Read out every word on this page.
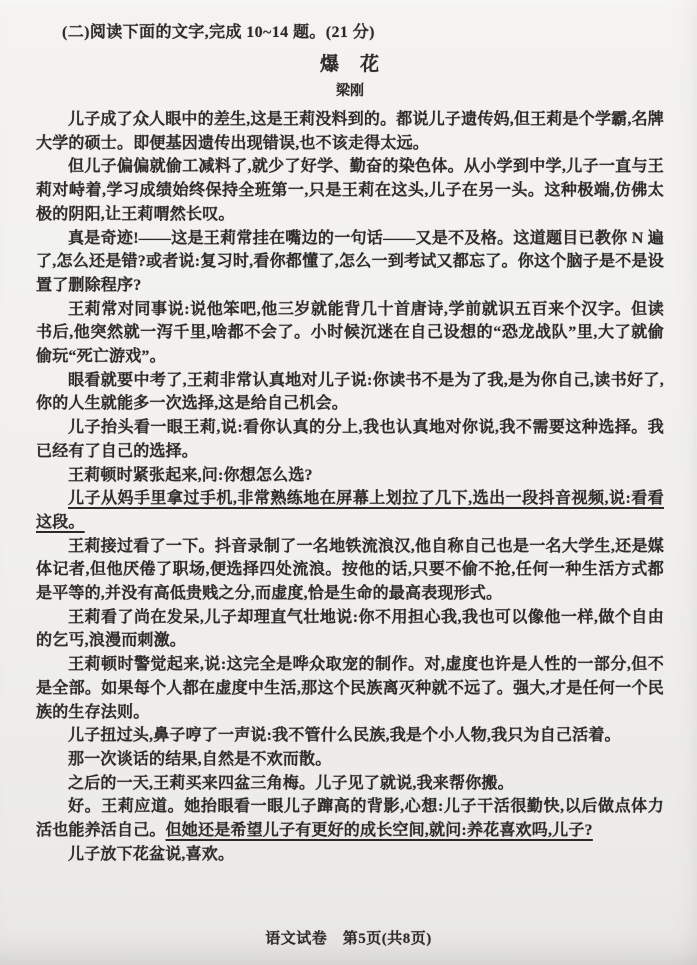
(二)阅读下面的文字,完成 10~14 题。(21 分)
爆　花
梁刚

儿子成了众人眼中的差生,这是王莉没料到的。都说儿子遗传妈,但王莉是个学霸,名牌大学的硕士。即便基因遗传出现错误,也不该走得太远。

但儿子偏偏就偷工减料了,就少了好学、勤奋的染色体。从小学到中学,儿子一直与王莉对峙着,学习成绩始终保持全班第一,只是王莉在这头,儿子在另一头。这种极端,仿佛太极的阴阳,让王莉喟然长叹。

真是奇迹!——这是王莉常挂在嘴边的一句话——又是不及格。这道题目已教你 N 遍了,怎么还是错?或者说:复习时,看你都懂了,怎么一到考试又都忘了。你这个脑子是不是设置了删除程序?

王莉常对同事说:说他笨吧,他三岁就能背几十首唐诗,学前就识五百来个汉字。但读书后,他突然就一泻千里,啥都不会了。小时候沉迷在自己设想的“恐龙战队”里,大了就偷偷玩“死亡游戏”。

眼看就要中考了,王莉非常认真地对儿子说:你读书不是为了我,是为你自己,读书好了,你的人生就能多一次选择,这是给自己机会。

儿子抬头看一眼王莉,说:看你认真的分上,我也认真地对你说,我不需要这种选择。我已经有了自己的选择。

王莉顿时紧张起来,问:你想怎么选?

儿子从妈手里拿过手机,非常熟练地在屏幕上划拉了几下,选出一段抖音视频,说:看看这段。

王莉接过看了一下。抖音录制了一名地铁流浪汉,他自称自己也是一名大学生,还是媒体记者,但他厌倦了职场,便选择四处流浪。按他的话,只要不偷不抢,任何一种生活方式都是平等的,并没有高低贵贱之分,而虚度,恰是生命的最高表现形式。

王莉看了尚在发呆,儿子却理直气壮地说:你不用担心我,我也可以像他一样,做个自由的乞丐,浪漫而刺激。

王莉顿时警觉起来,说:这完全是哗众取宠的制作。对,虚度也许是人性的一部分,但不是全部。如果每个人都在虚度中生活,那这个民族离灭种就不远了。强大,才是任何一个民族的生存法则。

儿子扭过头,鼻子哼了一声说:我不管什么民族,我是个小人物,我只为自己活着。

那一次谈话的结果,自然是不欢而散。

之后的一天,王莉买来四盆三角梅。儿子见了就说,我来帮你搬。

好。王莉应道。她抬眼看一眼儿子蹿高的背影,心想:儿子干活很勤快,以后做点体力活也能养活自己。但她还是希望儿子有更好的成长空间,就问:养花喜欢吗,儿子?

儿子放下花盆说,喜欢。

语文试卷　第5页(共8页)
